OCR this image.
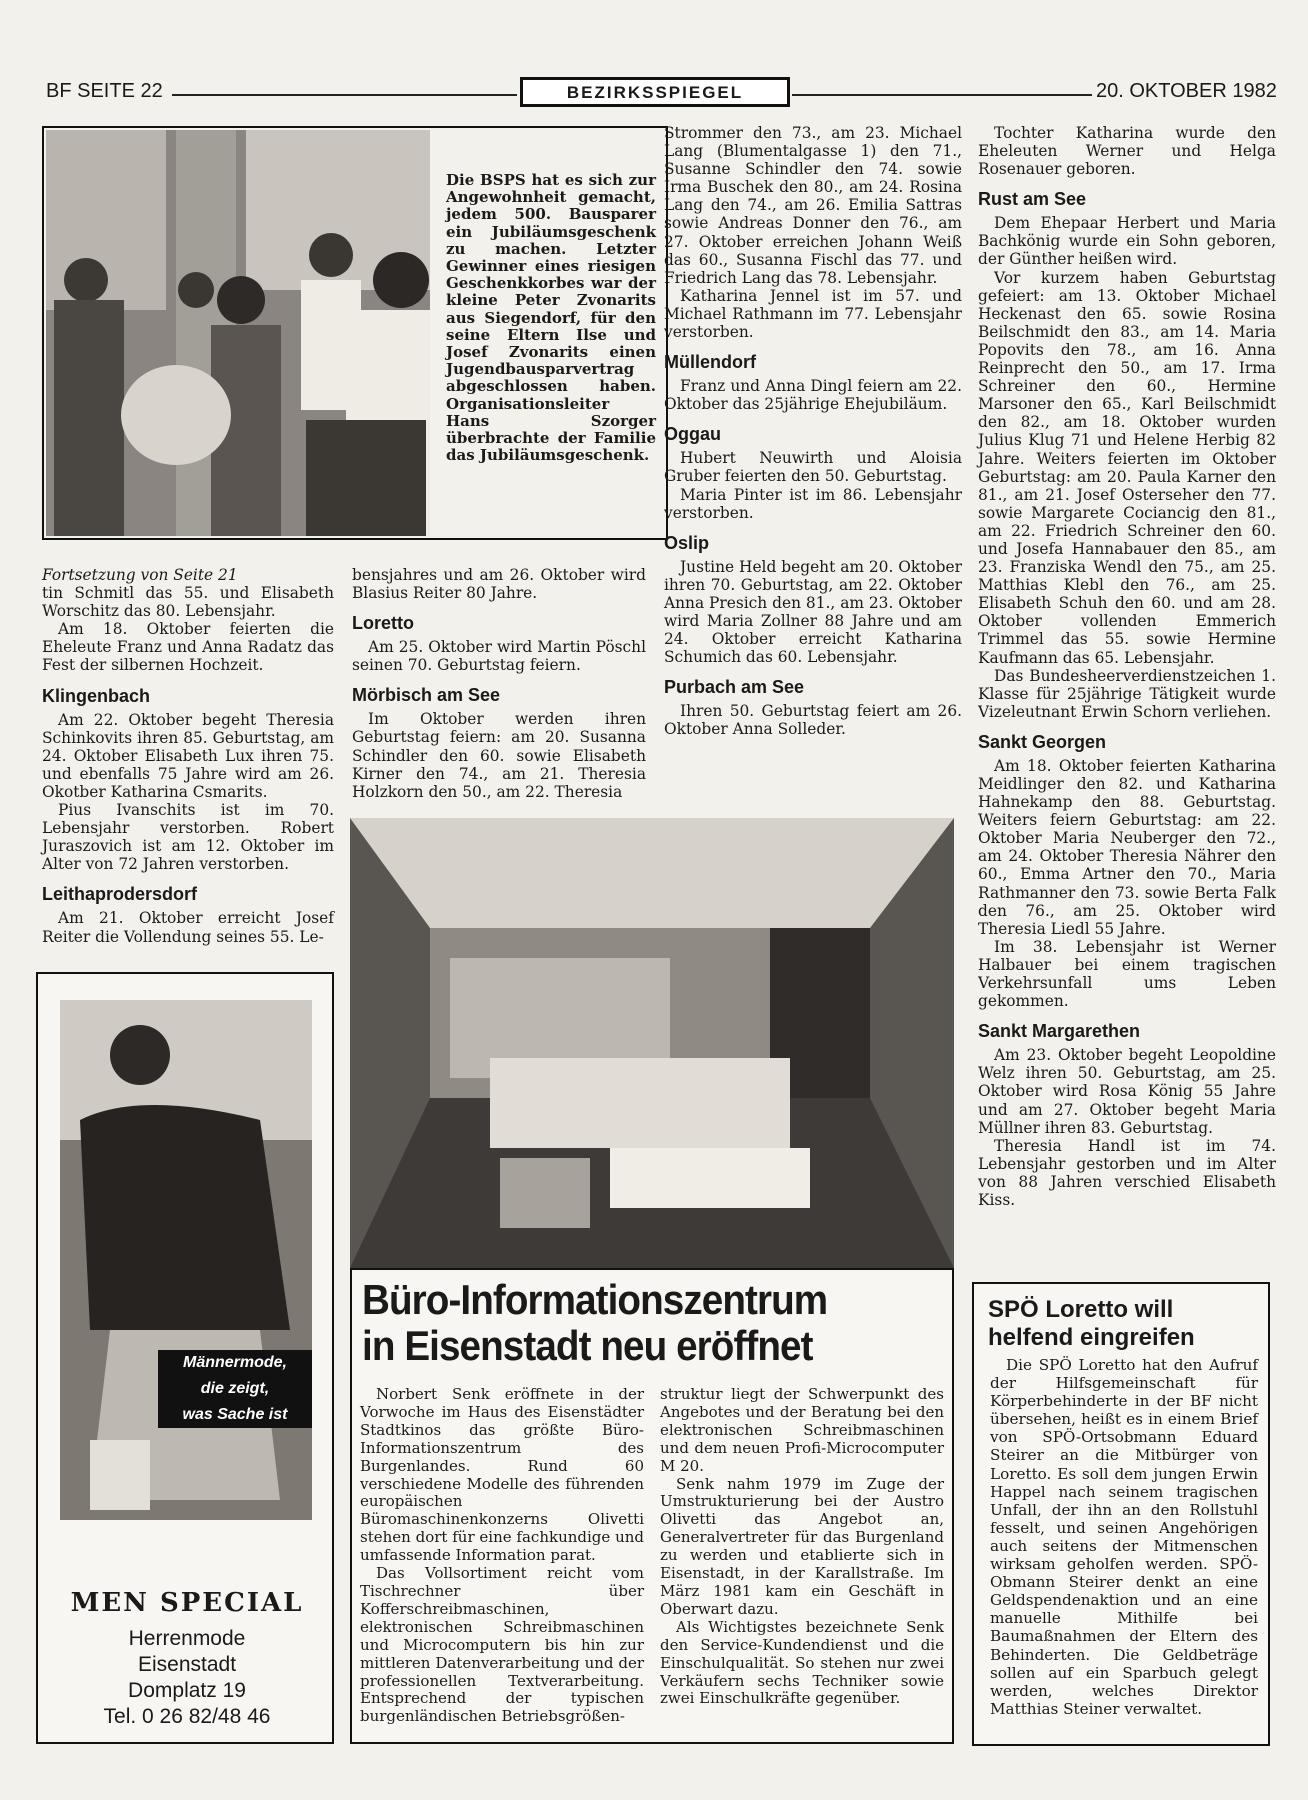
BF SEITE 22	BEZIRKSSPIEGEL	20. OKTOBER 1982
Die BSPS hat es sich zur Angewohnheit gemacht, jedem 500. Bausparer ein Jubiläumsgeschenk zu machen. Letzter Gewinner eines riesigen Geschenkkorbes war der kleine Peter Zvonarits aus Siegendorf, für den seine Eltern Ilse und Josef Zvonarits einen Jugendbausparvertrag abgeschlossen haben. Organisationsleiter Hans Szorger überbrachte der Familie das Jubiläumsgeschenk.
Fortsetzung von Seite 21

tin Schmitl das 55. und Elisabeth Worschitz das 80. Lebensjahr.

Am 18. Oktober feierten die Eheleute Franz und Anna Radatz das Fest der silbernen Hochzeit.

Klingenbach

Am 22. Oktober begeht Theresia Schinkovits ihren 85. Geburtstag, am 24. Oktober Elisabeth Lux ihren 75. und ebenfalls 75 Jahre wird am 26. Okotber Katharina Csmarits.

Pius Ivanschits ist im 70. Lebensjahr verstorben. Robert Juraszovich ist am 12. Oktober im Alter von 72 Jahren verstorben.

Leithaprodersdorf

Am 21. Oktober erreicht Josef Reiter die Vollendung seines 55. Le-

bensjahres und am 26. Oktober wird Blasius Reiter 80 Jahre.

Loretto

Am 25. Oktober wird Martin Pöschl seinen 70. Geburtstag feiern.

Mörbisch am See

Im Oktober werden ihren Geburtstag feiern: am 20. Susanna Schindler den 60. sowie Elisabeth Kirner den 74., am 21. Theresia Holzkorn den 50., am 22. Theresia

Strommer den 73., am 23. Michael Lang (Blumentalgasse 1) den 71., Susanne Schindler den 74. sowie Irma Buschek den 80., am 24. Rosina Lang den 74., am 26. Emilia Sattras sowie Andreas Donner den 76., am 27. Oktober erreichen Johann Weiß das 60., Susanna Fischl das 77. und Friedrich Lang das 78. Lebensjahr.

Katharina Jennel ist im 57. und Michael Rathmann im 77. Lebensjahr verstorben.

Müllendorf

Franz und Anna Dingl feiern am 22. Oktober das 25jährige Ehejubiläum.

Oggau

Hubert Neuwirth und Aloisia Gruber feierten den 50. Geburtstag.

Maria Pinter ist im 86. Lebensjahr verstorben.

Oslip

Justine Held begeht am 20. Oktober ihren 70. Geburtstag, am 22. Oktober Anna Presich den 81., am 23. Oktober wird Maria Zollner 88 Jahre und am 24. Oktober erreicht Katharina Schumich das 60. Lebensjahr.

Purbach am See

Ihren 50. Geburtstag feiert am 26. Oktober Anna Solleder.

Tochter Katharina wurde den Eheleuten Werner und Helga Rosenauer geboren.

Rust am See

Dem Ehepaar Herbert und Maria Bachkönig wurde ein Sohn geboren, der Günther heißen wird.

Vor kurzem haben Geburtstag gefeiert: am 13. Oktober Michael Heckenast den 65. sowie Rosina Beilschmidt den 83., am 14. Maria Popovits den 78., am 16. Anna Reinprecht den 50., am 17. Irma Schreiner den 60., Hermine Marsoner den 65., Karl Beilschmidt den 82., am 18. Oktober wurden Julius Klug 71 und Helene Herbig 82 Jahre. Weiters feierten im Oktober Geburtstag: am 20. Paula Karner den 81., am 21. Josef Osterseher den 77. sowie Margarete Cociancig den 81., am 22. Friedrich Schreiner den 60. und Josefa Hannabauer den 85., am 23. Franziska Wendl den 75., am 25. Matthias Klebl den 76., am 25. Elisabeth Schuh den 60. und am 28. Oktober vollenden Emmerich Trimmel das 55. sowie Hermine Kaufmann das 65. Lebensjahr.

Das Bundesheerverdienstzeichen 1. Klasse für 25jährige Tätigkeit wurde Vizeleutnant Erwin Schorn verliehen.

Sankt Georgen

Am 18. Oktober feierten Katharina Meidlinger den 82. und Katharina Hahnekamp den 88. Geburtstag. Weiters feiern Geburtstag: am 22. Oktober Maria Neuberger den 72., am 24. Oktober Theresia Nährer den 60., Emma Artner den 70., Maria Rathmanner den 73. sowie Berta Falk den 76., am 25. Oktober wird Theresia Liedl 55 Jahre.

Im 38. Lebensjahr ist Werner Halbauer bei einem tragischen Verkehrsunfall ums Leben gekommen.

Sankt Margarethen

Am 23. Oktober begeht Leopoldine Welz ihren 50. Geburtstag, am 25. Oktober wird Rosa König 55 Jahre und am 27. Oktober begeht Maria Müllner ihren 83. Geburtstag.

Theresia Handl ist im 74. Lebensjahr gestorben und im Alter von 88 Jahren verschied Elisabeth Kiss.

Männermode,
die zeigt,
was Sache ist
MEN SPECIAL
Herrenmode
Eisenstadt
Domplatz 19
Tel. 0 26 82/48 46
Büro-Informationszentrum
in Eisenstadt neu eröffnet

Norbert Senk eröffnete in der Vorwoche im Haus des Eisenstädter Stadtkinos das größte Büro-Informationszentrum des Burgenlandes. Rund 60 verschiedene Modelle des führenden europäischen Büromaschinenkonzerns Olivetti stehen dort für eine fachkundige und umfassende Information parat.

Das Vollsortiment reicht vom Tischrechner über Kofferschreibmaschinen, elektronischen Schreibmaschinen und Microcomputern bis hin zur mittleren Datenverarbeitung und der professionellen Textverarbeitung. Entsprechend der typischen burgenländischen Betriebsgrößen-

struktur liegt der Schwerpunkt des Angebotes und der Beratung bei den elektronischen Schreibmaschinen und dem neuen Profi-Microcomputer M 20.

Senk nahm 1979 im Zuge der Umstrukturierung bei der Austro Olivetti das Angebot an, Generalvertreter für das Burgenland zu werden und etablierte sich in Eisenstadt, in der Karallstraße. Im März 1981 kam ein Geschäft in Oberwart dazu.

Als Wichtigstes bezeichnete Senk den Service-Kundendienst und die Einschulqualität. So stehen nur zwei Verkäufern sechs Techniker sowie zwei Einschulkräfte gegenüber.

SPÖ Loretto will helfend eingreifen

Die SPÖ Loretto hat den Aufruf der Hilfsgemeinschaft für Körperbehinderte in der BF nicht übersehen, heißt es in einem Brief von SPÖ-Ortsobmann Eduard Steirer an die Mitbürger von Loretto. Es soll dem jungen Erwin Happel nach seinem tragischen Unfall, der ihn an den Rollstuhl fesselt, und seinen Angehörigen auch seitens der Mitmenschen wirksam geholfen werden. SPÖ-Obmann Steirer denkt an eine Geldspendenaktion und an eine manuelle Mithilfe bei Baumaßnahmen der Eltern des Behinderten. Die Geldbeträge sollen auf ein Sparbuch gelegt werden, welches Direktor Matthias Steiner verwaltet.
